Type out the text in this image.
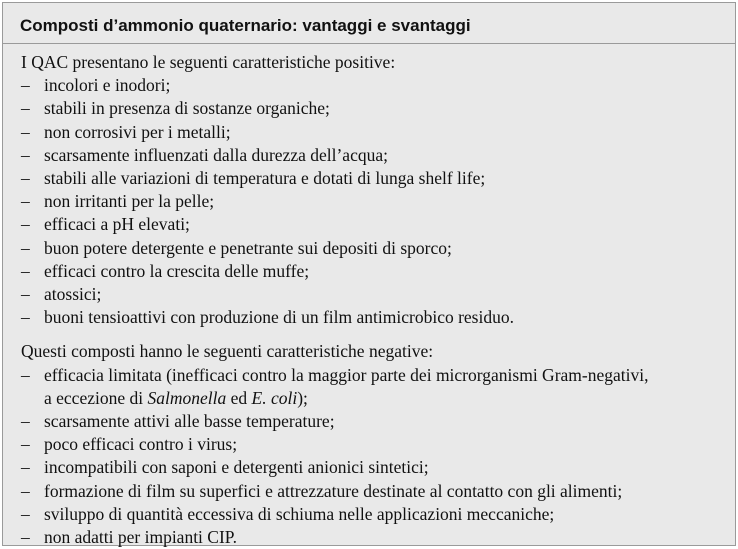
Composti d’ammonio quaternario: vantaggi e svantaggi

I QAC presentano le seguenti caratteristiche positive:

– incolori e inodori;
– stabili in presenza di sostanze organiche;
– non corrosivi per i metalli;
– scarsamente influenzati dalla durezza dell’acqua;
– stabili alle variazioni di temperatura e dotati di lunga shelf life;
– non irritanti per la pelle;
– efficaci a pH elevati;
– buon potere detergente e penetrante sui depositi di sporco;
– efficaci contro la crescita delle muffe;
– atossici;
– buoni tensioattivi con produzione di un film antimicrobico residuo.

Questi composti hanno le seguenti caratteristiche negative:

– efficacia limitata (inefficaci contro la maggior parte dei microrganismi Gram-negativi,
a eccezione di Salmonella ed E. coli);
– scarsamente attivi alle basse temperature;
– poco efficaci contro i virus;
– incompatibili con saponi e detergenti anionici sintetici;
– formazione di film su superfici e attrezzature destinate al contatto con gli alimenti;
– sviluppo di quantità eccessiva di schiuma nelle applicazioni meccaniche;
– non adatti per impianti CIP.
